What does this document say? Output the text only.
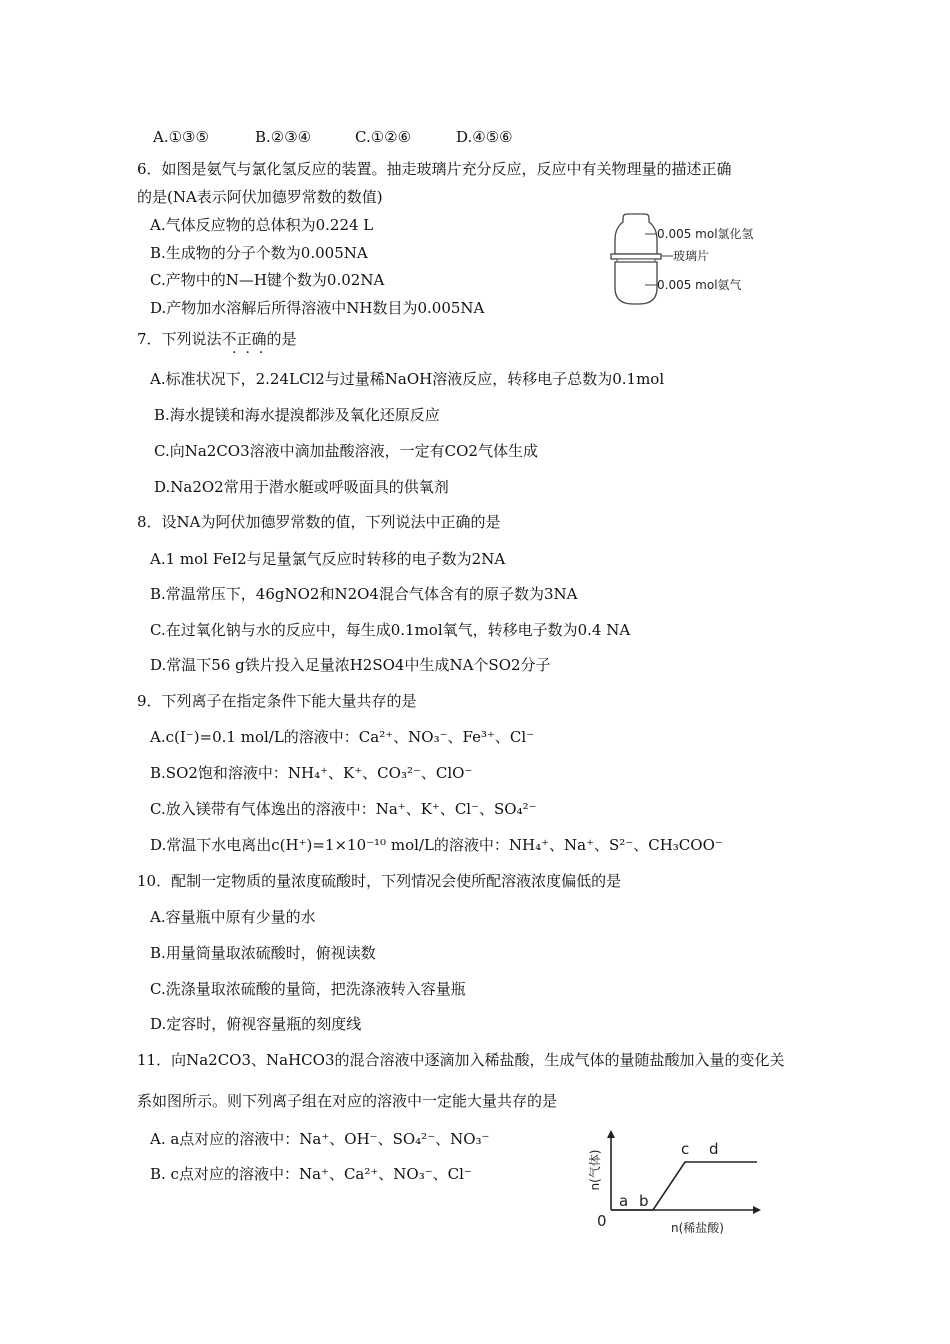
A.①③⑤	B.②③④	C.①②⑥	D.④⑤⑥
6．如图是氨气与氯化氢反应的装置。抽走玻璃片充分反应，反应中有关物理量的描述正确
的是(NA表示阿伏加德罗常数的数值)
A.气体反应物的总体积为0.224 L
B.生成物的分子个数为0.005NA
C.产物中的N—H键个数为0.02NA
D.产物加水溶解后所得溶液中NH数目为0.005NA
0.005 mol氯化氢
玻璃片
0.005 mol氨气
7．下列说法不正确的是
···
A.标准状况下，2.24LCl2与过量稀NaOH溶液反应，转移电子总数为0.1mol
B.海水提镁和海水提溴都涉及氧化还原反应
C.向Na2CO3溶液中滴加盐酸溶液，一定有CO2气体生成
D.Na2O2常用于潜水艇或呼吸面具的供氧剂
8．设NA为阿伏加德罗常数的值，下列说法中正确的是
A.1 mol FeI2与足量氯气反应时转移的电子数为2NA
B.常温常压下，46gNO2和N2O4混合气体含有的原子数为3NA
C.在过氧化钠与水的反应中，每生成0.1mol氧气，转移电子数为0.4 NA
D.常温下56 g铁片投入足量浓H2SO4中生成NA个SO2分子
9．下列离子在指定条件下能大量共存的是
A.c(I⁻)=0.1 mol/L的溶液中：Ca²⁺、NO₃⁻、Fe³⁺、Cl⁻
B.SO2饱和溶液中：NH₄⁺、K⁺、CO₃²⁻、ClO⁻
C.放入镁带有气体逸出的溶液中：Na⁺、K⁺、Cl⁻、SO₄²⁻
D.常温下水电离出c(H⁺)=1×10⁻¹⁰ mol/L的溶液中：NH₄⁺、Na⁺、S²⁻、CH₃COO⁻
10．配制一定物质的量浓度硫酸时，下列情况会使所配溶液浓度偏低的是
A.容量瓶中原有少量的水
B.用量筒量取浓硫酸时，俯视读数
C.洗涤量取浓硫酸的量筒，把洗涤液转入容量瓶
D.定容时，俯视容量瓶的刻度线
11．向Na2CO3、NaHCO3的混合溶液中逐滴加入稀盐酸，生成气体的量随盐酸加入量的变化关
系如图所示。则下列离子组在对应的溶液中一定能大量共存的是
A. a点对应的溶液中：Na⁺、OH⁻、SO₄²⁻、NO₃⁻
B. c点对应的溶液中：Na⁺、Ca²⁺、NO₃⁻、Cl⁻	n(气体)
n(稀盐酸)
0
a b
c d
